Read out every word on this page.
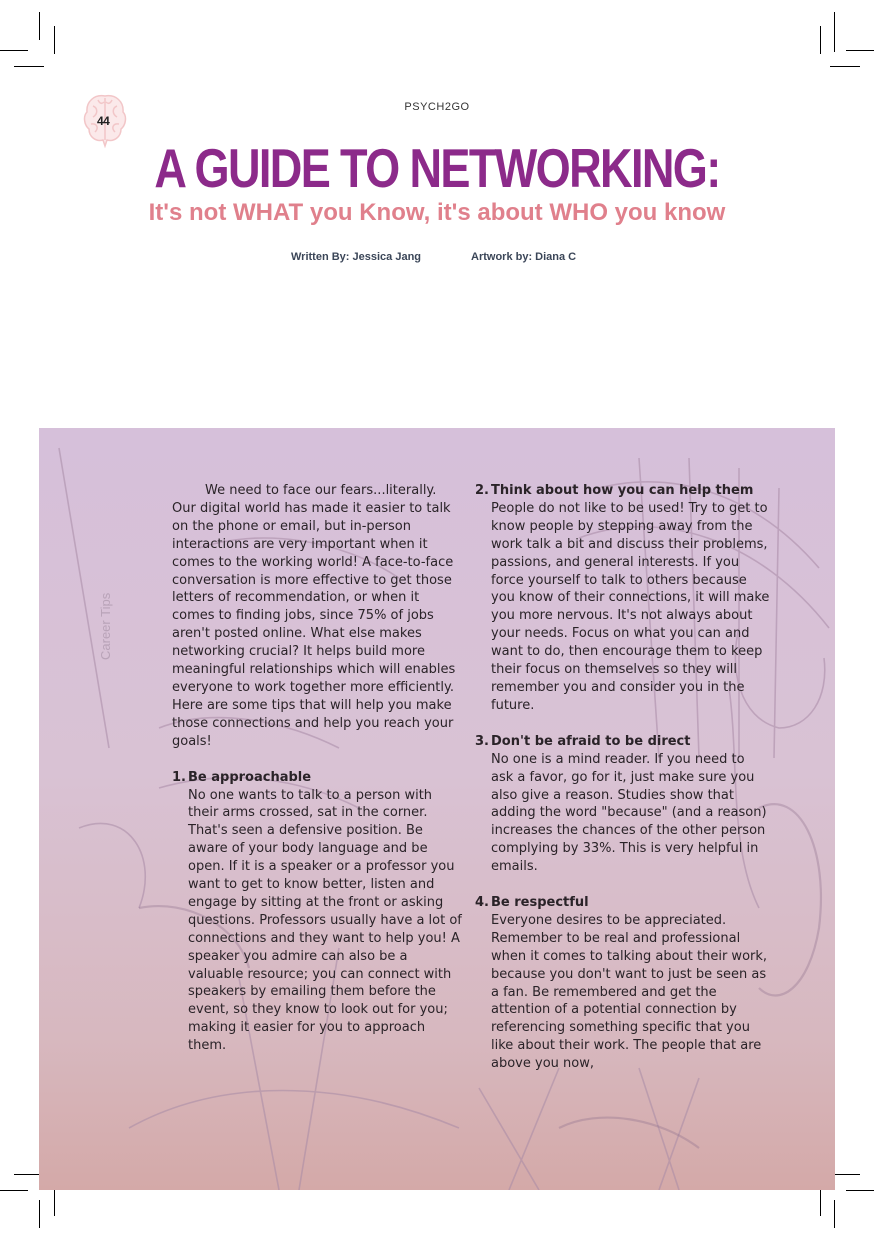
44
PSYCH2GO
A GUIDE TO NETWORKING:
It's not WHAT you Know, it's about WHO you know
Written By: Jessica Jang	Artwork by: Diana C
Career Tips

We need to face our fears...literally. Our digital world has made it easier to talk on the phone or email, but in-person interactions are very important when it comes to the working world! A face-to-face conversation is more effective to get those letters of recommendation, or when it comes to finding jobs, since 75% of jobs aren't posted online. What else makes networking crucial? It helps build more meaningful relationships which will enables everyone to work together more efficiently. Here are some tips that will help you make those connections and help you reach your goals!

1. Be approachable

No one wants to talk to a person with their arms crossed, sat in the corner. That's seen a defensive position. Be aware of your body language and be open. If it is a speaker or a professor you want to get to know better, listen and engage by sitting at the front or asking questions. Professors usually have a lot of connections and they want to help you! A speaker you admire can also be a valuable resource; you can connect with speakers by emailing them before the event, so they know to look out for you; making it easier for you to approach them.

2. Think about how you can help them

People do not like to be used! Try to get to know people by stepping away from the work talk a bit and discuss their problems, passions, and general interests. If you force yourself to talk to others because you know of their connections, it will make you more nervous. It's not always about your needs. Focus on what you can and want to do, then encourage them to keep their focus on themselves so they will remember you and consider you in the future.

3. Don't be afraid to be direct

No one is a mind reader. If you need to ask a favor, go for it, just make sure you also give a reason. Studies show that adding the word "because" (and a reason) increases the chances of the other person complying by 33%. This is very helpful in emails.

4. Be respectful

Everyone desires to be appreciated. Remember to be real and professional when it comes to talking about their work, because you don't want to just be seen as a fan. Be remembered and get the attention of a potential connection by referencing something specific that you like about their work. The people that are above you now,
